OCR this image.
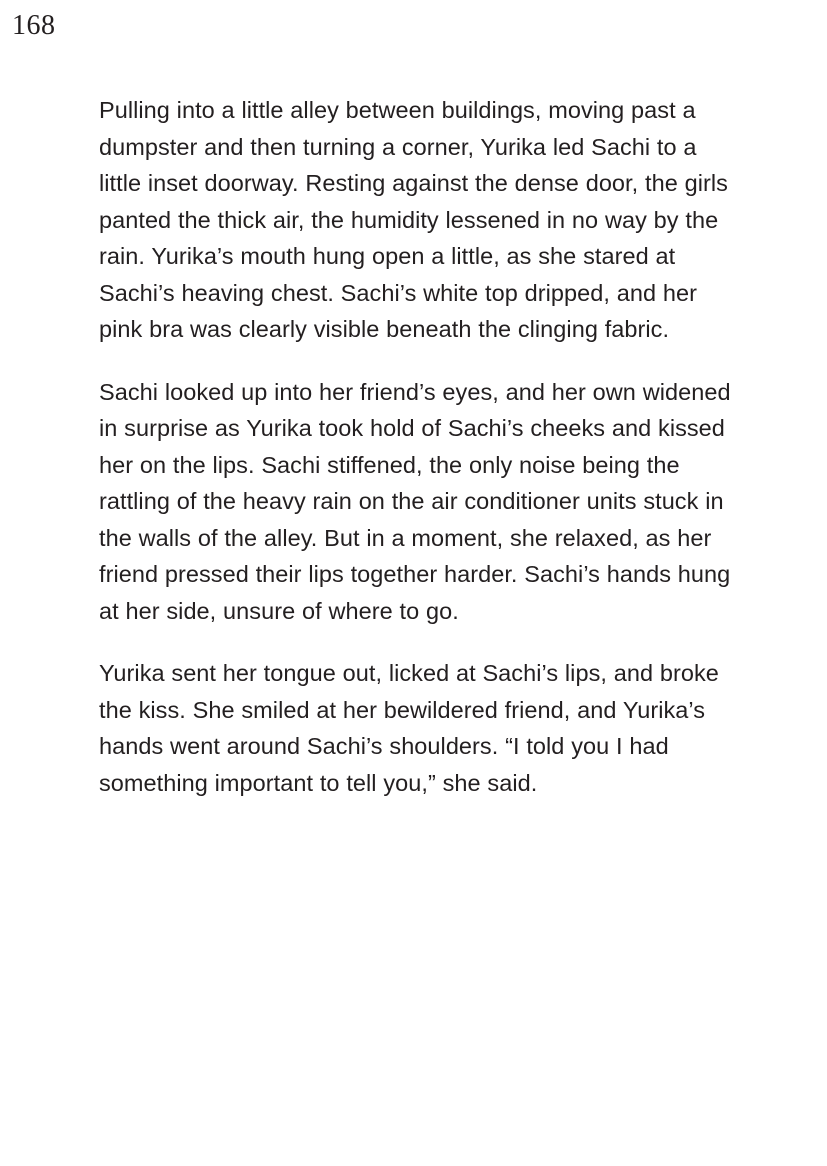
168

Pulling into a little alley between buildings, moving past a dumpster and then turning a corner, Yurika led Sachi to a little inset doorway. Resting against the dense door, the girls panted the thick air, the humidity lessened in no way by the rain. Yurika’s mouth hung open a little, as she stared at Sachi’s heaving chest. Sachi’s white top dripped, and her pink bra was clearly visible beneath the clinging fabric.

Sachi looked up into her friend’s eyes, and her own widened in surprise as Yurika took hold of Sachi’s cheeks and kissed her on the lips. Sachi stiffened, the only noise being the rattling of the heavy rain on the air conditioner units stuck in the walls of the alley. But in a moment, she relaxed, as her friend pressed their lips together harder. Sachi’s hands hung at her side, unsure of where to go.

Yurika sent her tongue out, licked at Sachi’s lips, and broke the kiss. She smiled at her bewildered friend, and Yurika’s hands went around Sachi’s shoulders. “I told you I had something important to tell you,” she said.
